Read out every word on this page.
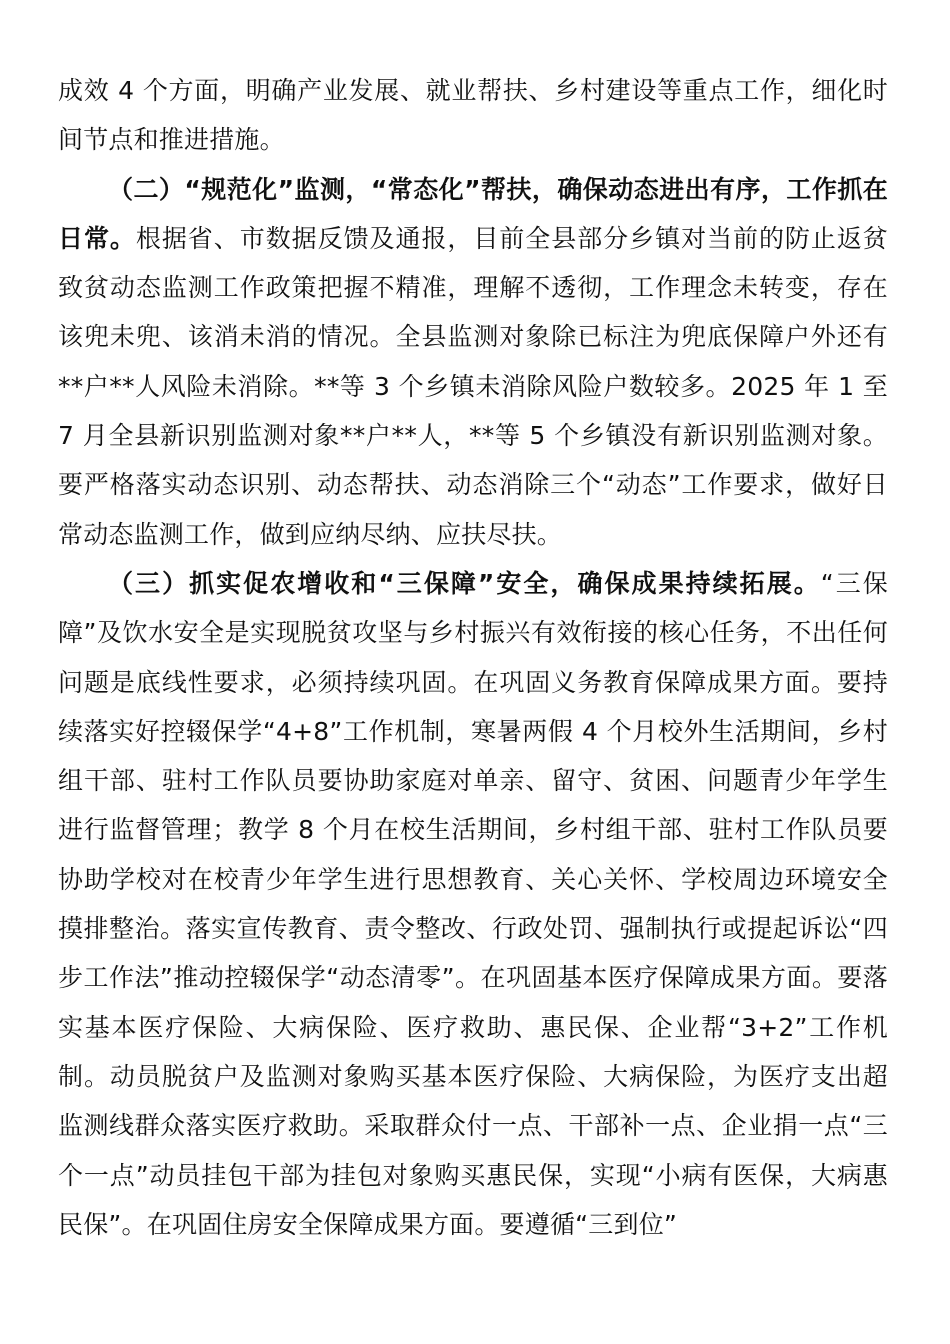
成效 4 个方面，明确产业发展、就业帮扶、乡村建设等重点工作，细化时间节点和推进措施。

（二）“规范化”监测，“常态化”帮扶，确保动态进出有序，工作抓在日常。根据省、市数据反馈及通报，目前全县部分乡镇对当前的防止返贫致贫动态监测工作政策把握不精准，理解不透彻，工作理念未转变，存在该兜未兜、该消未消的情况。全县监测对象除已标注为兜底保障户外还有**户**人风险未消除。**等 3 个乡镇未消除风险户数较多。2025 年 1 至 7 月全县新识别监测对象**户**人，**等 5 个乡镇没有新识别监测对象。要严格落实动态识别、动态帮扶、动态消除三个“动态”工作要求，做好日常动态监测工作，做到应纳尽纳、应扶尽扶。

（三）抓实促农增收和“三保障”安全，确保成果持续拓展。“三保障”及饮水安全是实现脱贫攻坚与乡村振兴有效衔接的核心任务，不出任何问题是底线性要求，必须持续巩固。在巩固义务教育保障成果方面。要持续落实好控辍保学“4+8”工作机制，寒暑两假 4 个月校外生活期间，乡村组干部、驻村工作队员要协助家庭对单亲、留守、贫困、问题青少年学生进行监督管理；教学 8 个月在校生活期间，乡村组干部、驻村工作队员要协助学校对在校青少年学生进行思想教育、关心关怀、学校周边环境安全摸排整治。落实宣传教育、责令整改、行政处罚、强制执行或提起诉讼“四步工作法”推动控辍保学“动态清零”。在巩固基本医疗保障成果方面。要落实基本医疗保险、大病保险、医疗救助、惠民保、企业帮“3+2”工作机制。动员脱贫户及监测对象购买基本医疗保险、大病保险，为医疗支出超监测线群众落实医疗救助。采取群众付一点、干部补一点、企业捐一点“三个一点”动员挂包干部为挂包对象购买惠民保，实现“小病有医保，大病惠民保”。在巩固住房安全保障成果方面。要遵循“三到位”
